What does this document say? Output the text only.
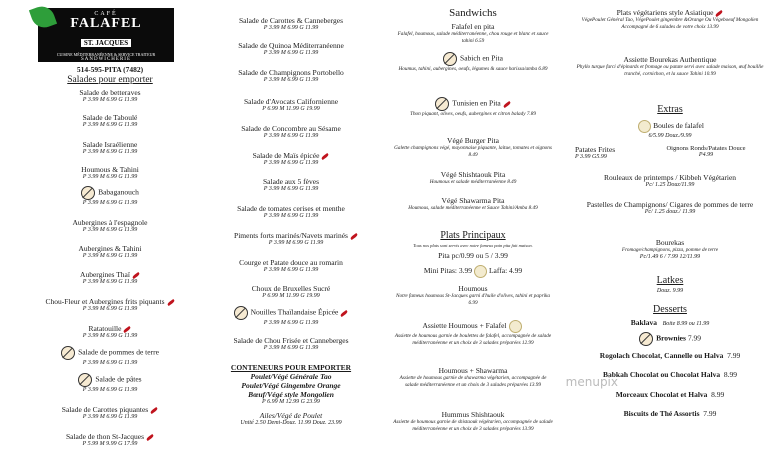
CAFÉ
FALAFEL
ST. JACQUES
CUISINE MÉDITERRANÉENNE & SERVICE TRAITEUR
SANDWICHERIE
514-595-PITA (7482)
Salades pour emporter
Salade de betteraves
P 3.99 M 6.99 G 11.99
Salade de Taboulé
P 3.99 M 6.99 G 11.99
Salade Israélienne
P 3.99 M 6.99 G 11.99
Houmous & Tahini
P 3.99 M 6.99 G 11.99
Babaganouch
P 3.99 M 6.99 G 11.99
Aubergines à l'espagnole
P 3.99 M 6.99 G 11.99
Aubergines & Tahini
P 3.99 M 6.99 G 11.99
Aubergines Thaï
P 3.99 M 6.99 G 11.99
Chou-Fleur et Aubergines frits piquants
P 3.99 M 6.99 G 11.99
Ratatouille
P 3.99 M 6.99 G 11.99
Salade de pommes de terre
P 3.99 M 6.99 G 11.99
Salade de pâtes
P 3.99 M 6.99 G 11.99
Salade de Carottes piquantes
P 3.99 M 6.99 G 11.99
Salade de thon St-Jacques
P 5.99 M 9.99 G 17.99
Salade de Carottes & Canneberges
P 3.99 M 6.99 G 11.99
Salade de Quinoa Méditerranéenne
P 3.99 M 6.99 G 11.99
Salade de Champignons Portobello
P 3.99 M 6.99 G 11.99
Salade d'Avocats Californienne
P 6.99 M 11.99 G 19.99
Salade de Concombre au Sésame
P 3.99 M 6.99 G 11.99
Salade de Maïs épicée
P 3.99 M 6.99 G 11.99
Salade aux 5 fèves
P 3.99 M 6.99 G 11.99
Salade de tomates cerises et menthe
P 3.99 M 6.99 G 11.99
Piments forts marinés/Navets marinés
P 3.99 M 6.99 G 11.99
Courge et Patate douce au romarin
P 3.99 M 6.99 G 11.99
Choux de Bruxelles Sucré
P 6.99 M 11.99 G 19.99
Nouilles Thaïlandaise Épicée
P 3.99 M 6.99 G 11.99
Salade de Chou Frisée et Canneberges
P 3.99 M 6.99 G 11.99
CONTENEURS POUR EMPORTER
Poulet/Végé Générale Tao
Poulet/Végé Gingembre Orange
Bœuf/Végé style Mongolien
P 6.99 M 12.99 G 23.99
Ailes/Végé de Poulet
Unité 2.50 Demi-Douz. 11.99 Douz. 23.99
Sandwichs
Falafel en pita
Falafel, houmous, salade méditerranéenne, chou rouge et blanc et sauce tahini 6.59
Sabich en Pita
Houmus, tahini, aubergines, oeufs, légumes & sauce harissa/amba 6.89
Tunisien en Pita
Thon piquant, olives, oeufs, aubergines et citron balady 7.89
Végé Burger Pita
Galette champignons végé, mayonnaise piquante, laitue, tomates et oignons 8.49
Végé Shishtaouk Pita
Houmous et salade méditerranéenne 8.49
Végé Shawarma Pita
Houmous, salade méditerranéenne et Sauce Tahini/Amba 8.49
Plats Principaux
Tous nos plats sont servis avec notre fameux pain pita fait maison.
Pita pc/0.99 ou 5 / 3.99
Mini Pitas: 3.99 Laffa: 4.99
Houmous
Notre fameux houmous St-Jacques garni d'huile d'olives, tahini et paprika 6.99
Assiette Houmous + Falafel
Assiette de houmous garnie de boulettes de falafel, accompagnée de salade méditerranéenne et un choix de 3 salades préparées 12.99
Houmous + Shawarma
Assiette de houmous garnie de shawarma végétarien, accompagnée de salade méditerranéenne et un choix de 3 salades préparées 13.99
Hummus Shishtaouk
Assiette de houmous garnie de shistaouk végétarien, accompagnée de salade méditerranéenne et un choix de 3 salades préparées 13.99
Plats végétariens style Asiatique
VégePoulet Général Tao, VégePoulet gingembre &Orange Ou Végeboeuf Mongolien
Accompagné de 6 salades de votre choix 13.99
Assiette Bourekas Authentique
Phyllo turque farci d'épinards et fromage ou patate servi avec salade maison, œuf bouillie tranché, cornichon, et la sauce Tahini 10.99
Extras
Boules de falafel
6/5.99 Douz./9.99
Patates Frites
P 3.99 G5.99
Oignons Ronds/Patates Douce
P4.99
Rouleaux de printemps / Kibbeh Végétarien
Pc/ 1.25 Douz/11.99
Pastelles de Champignons/ Cigares de pommes de terre
Pc/ 1.25 douz./ 11.99
Bourekas
Fromage/champignons, pizza, pomme de terre
Pc/1.49 6 / 7.99 12/11.99
Latkes
Douz. 9.99
Desserts
Baklava Boite 8.99 ou 11.99
Brownies 7.99
Rogolach Chocolat, Cannelle ou Halva 7.99
Babkah Chocolat ou Chocolat Halva 8.99
Morceaux Chocolat et Halva 8.99
Biscuits de Thé Assortis 7.99
menupix
